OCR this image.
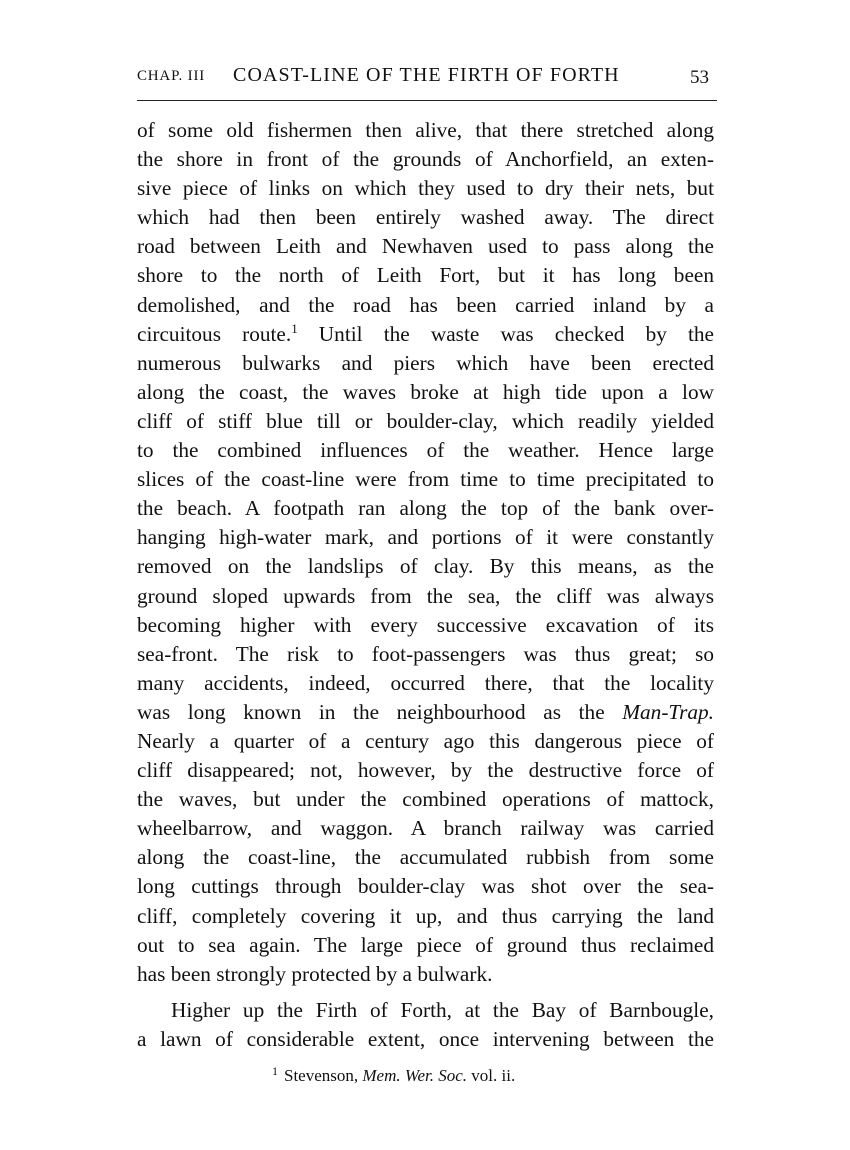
CHAP. III COAST-LINE OF THE FIRTH OF FORTH	53
of some old fishermen then alive, that there stretched along
the shore in front of the grounds of Anchorfield, an exten-
sive piece of links on which they used to dry their nets, but
which had then been entirely washed away. The direct
road between Leith and Newhaven used to pass along the
shore to the north of Leith Fort, but it has long been
demolished, and the road has been carried inland by a
circuitous route.$^1$ Until the waste was checked by the
numerous bulwarks and piers which have been erected
along the coast, the waves broke at high tide upon a low
cliff of stiff blue till or boulder-clay, which readily yielded
to the combined influences of the weather. Hence large
slices of the coast-line were from time to time precipitated to
the beach. A footpath ran along the top of the bank over-
hanging high-water mark, and portions of it were constantly
removed on the landslips of clay. By this means, as the
ground sloped upwards from the sea, the cliff was always
becoming higher with every successive excavation of its
sea-front. The risk to foot-passengers was thus great; so
many accidents, indeed, occurred there, that the locality
was long known in the neighbourhood as the Man-Trap.
Nearly a quarter of a century ago this dangerous piece of
cliff disappeared; not, however, by the destructive force of
the waves, but under the combined operations of mattock,
wheelbarrow, and waggon. A branch railway was carried
along the coast-line, the accumulated rubbish from some
long cuttings through boulder-clay was shot over the sea-
cliff, completely covering it up, and thus carrying the land
out to sea again. The large piece of ground thus reclaimed
has been strongly protected by a bulwark.
Higher up the Firth of Forth, at the Bay of Barnbougle,
a lawn of considerable extent, once intervening between the
$^1$ Stevenson, Mem. Wer. Soc. vol. ii.
